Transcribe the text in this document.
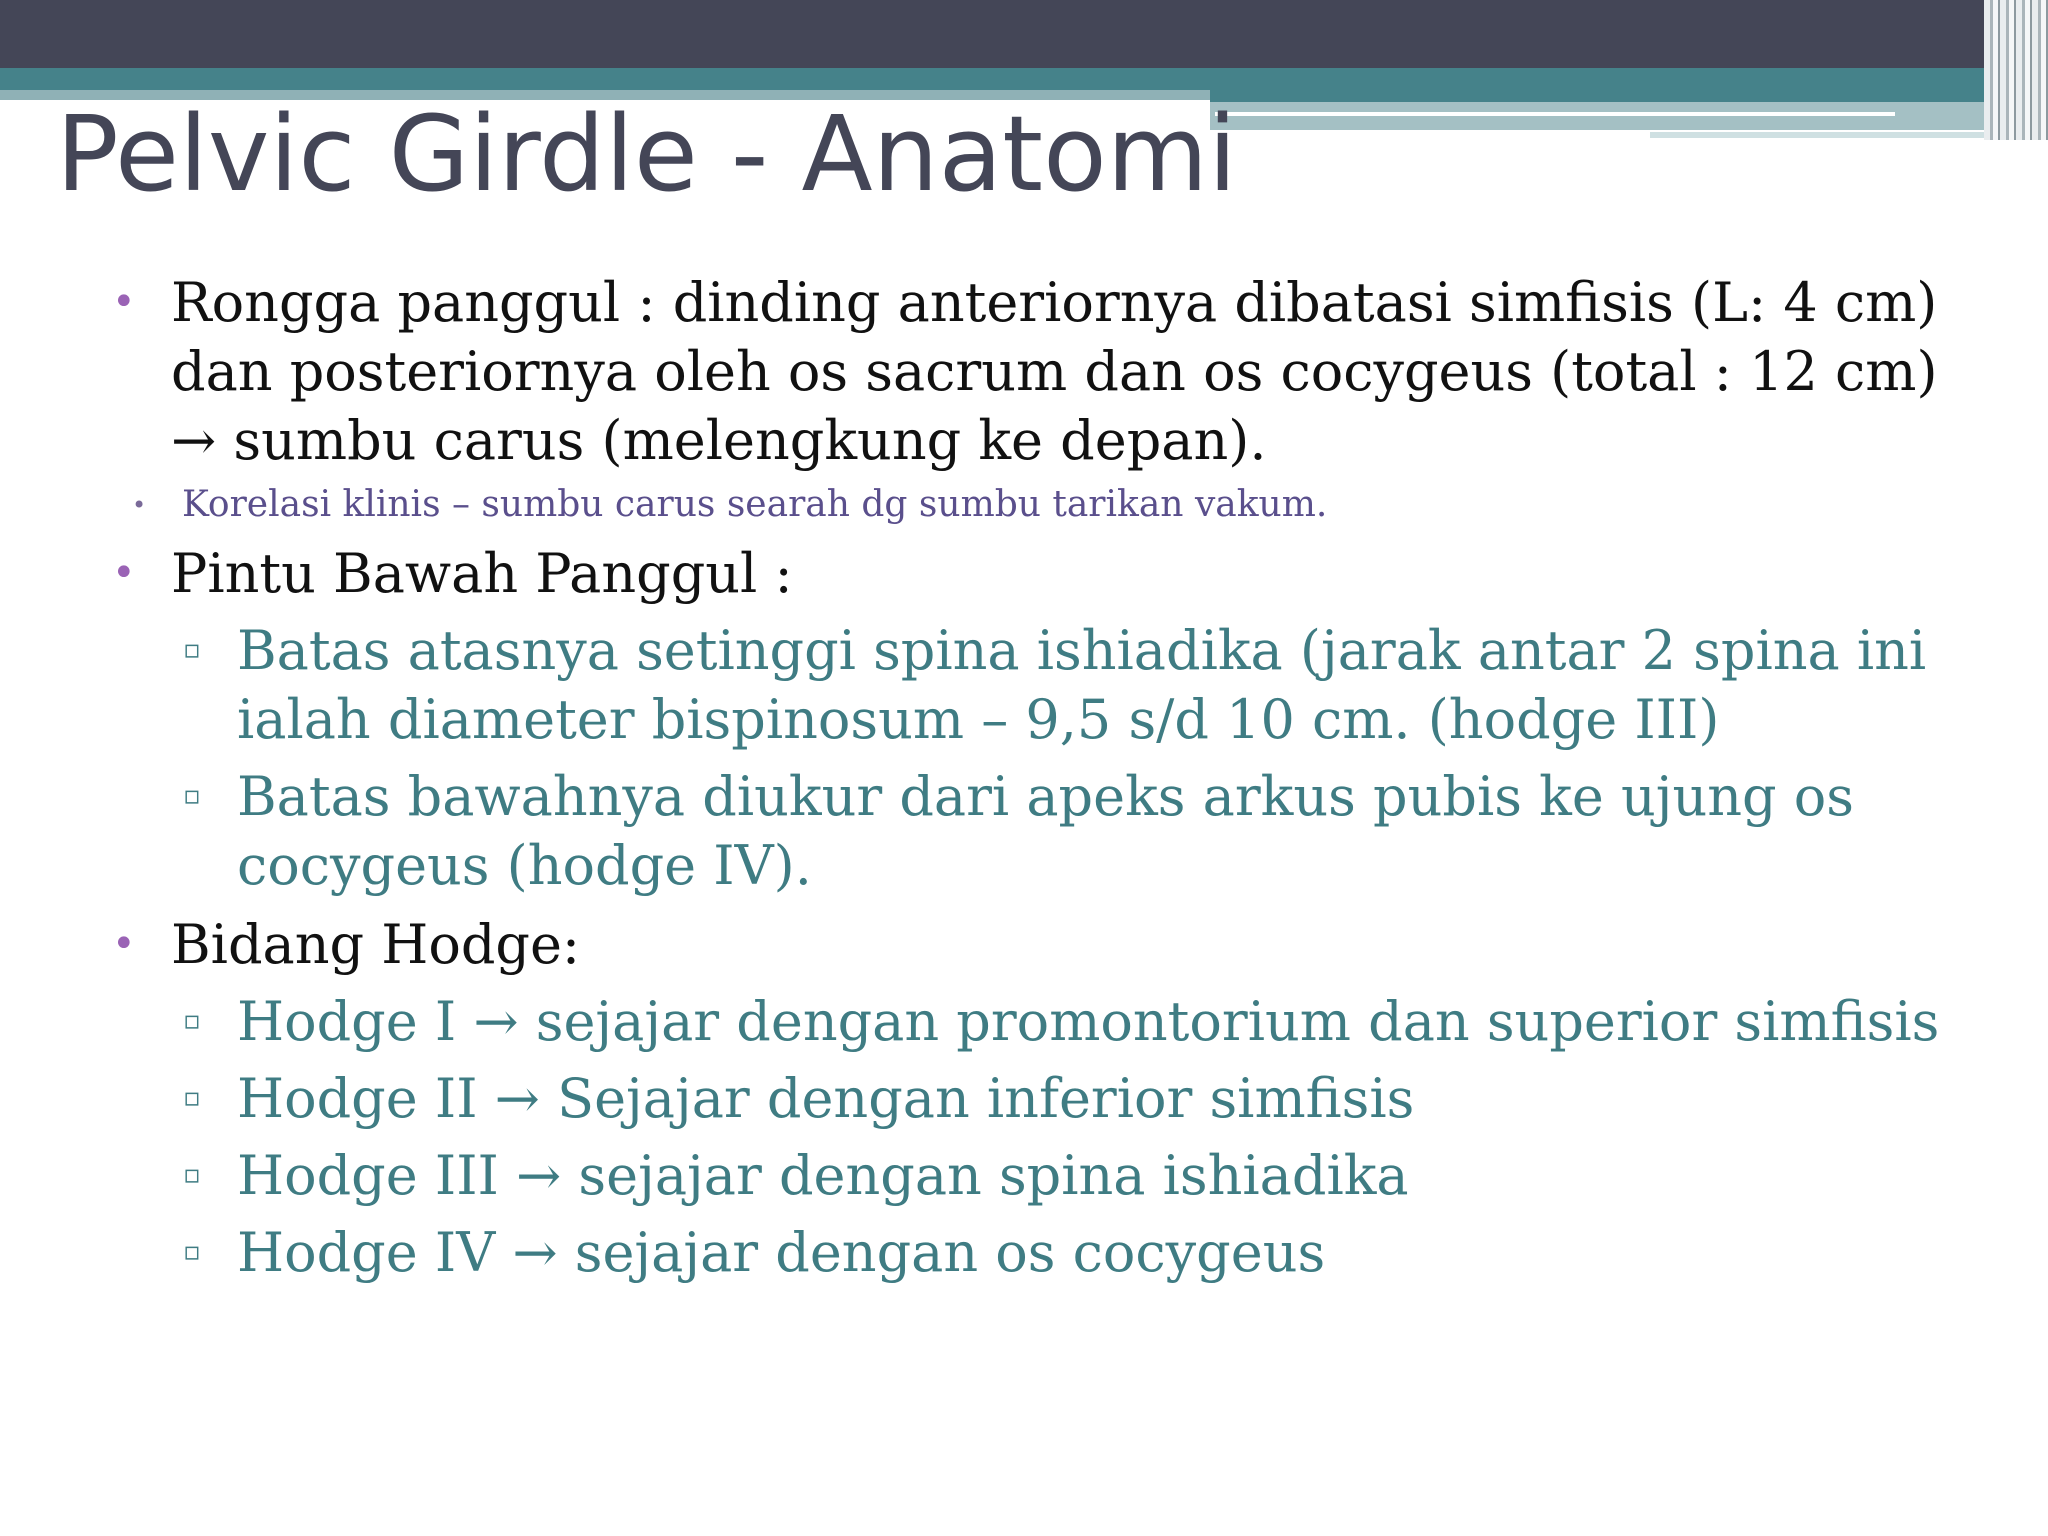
Pelvic Girdle - Anatomi
• Rongga panggul : dinding anteriornya dibatasi simfisis (L: 4 cm) dan posteriornya oleh os sacrum dan os cocygeus (total : 12 cm) → sumbu carus (melengkung ke depan).
• Korelasi klinis – sumbu carus searah dg sumbu tarikan vakum.
• Pintu Bawah Panggul :
▫ Batas atasnya setinggi spina ishiadika (jarak antar 2 spina ini ialah diameter bispinosum – 9,5 s/d 10 cm. (hodge III)
▫ Batas bawahnya diukur dari apeks arkus pubis ke ujung os cocygeus (hodge IV).
• Bidang Hodge:
▫ Hodge I → sejajar dengan promontorium dan superior simfisis
▫ Hodge II → Sejajar dengan inferior simfisis
▫ Hodge III → sejajar dengan spina ishiadika
▫ Hodge IV → sejajar dengan os cocygeus
